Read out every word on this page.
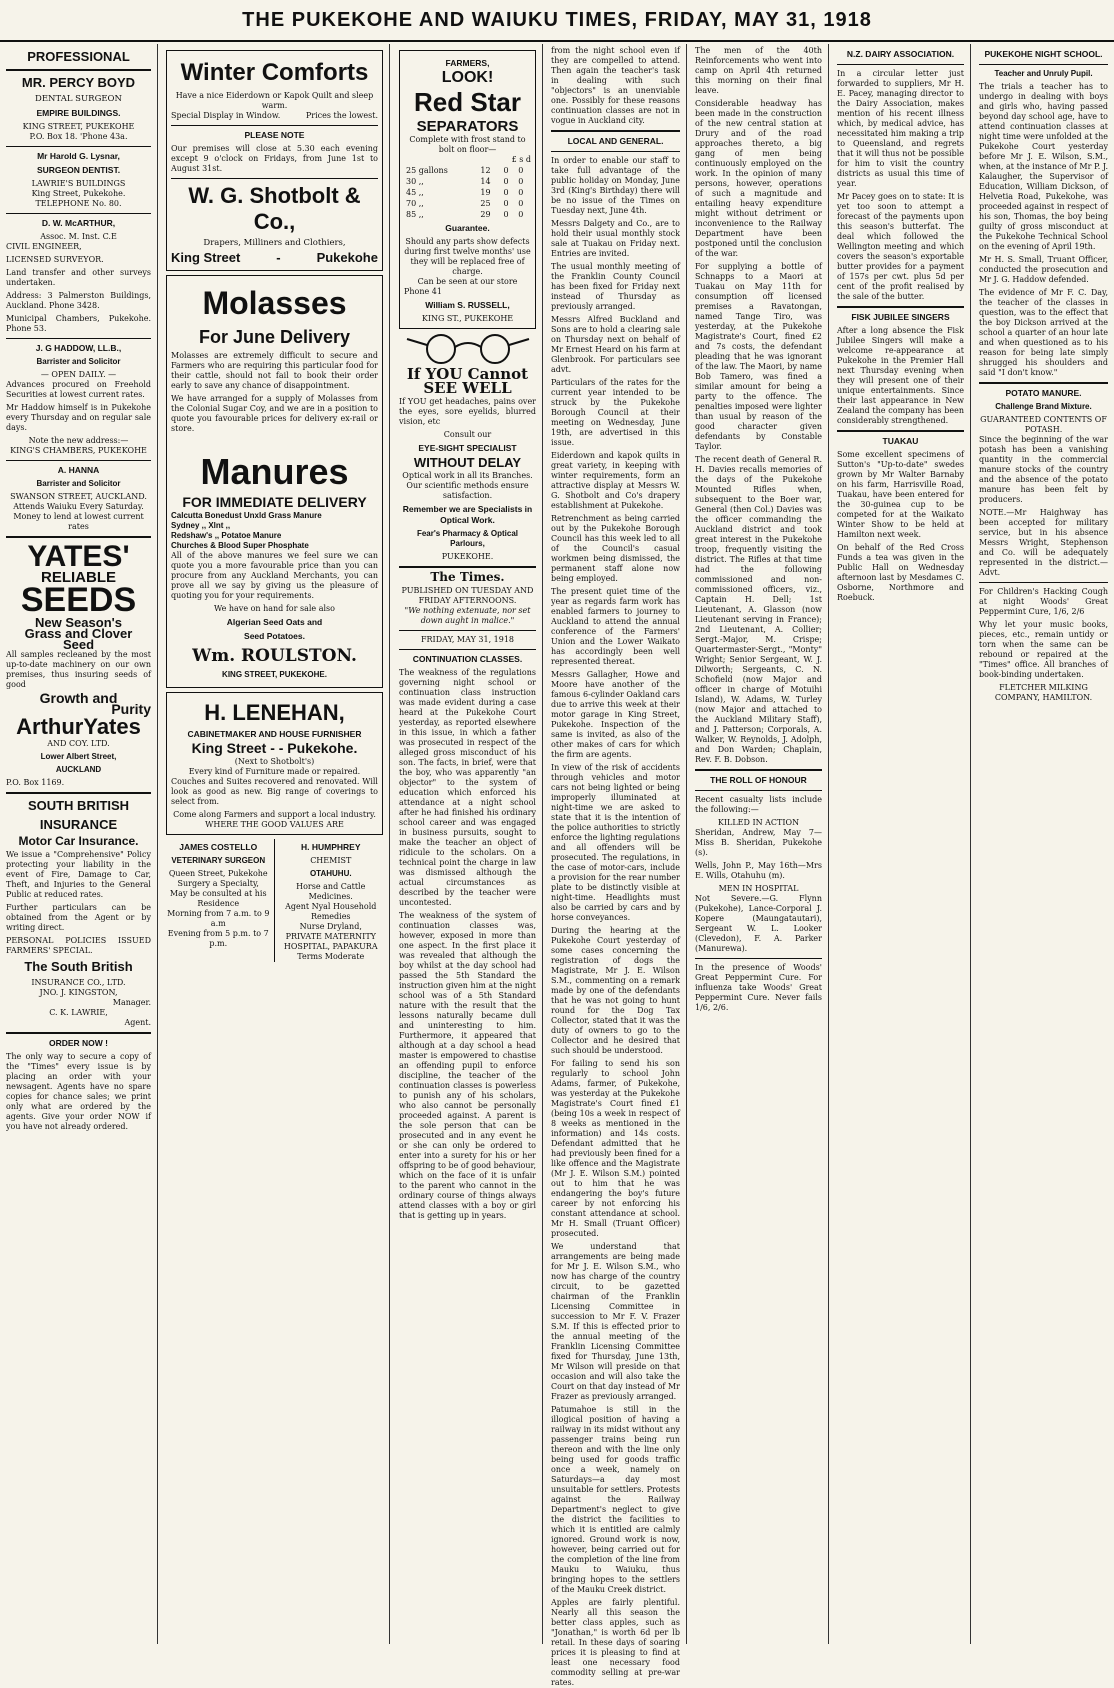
THE PUKEKOHE AND WAIUKU TIMES, FRIDAY, MAY 31, 1918
PROFESSIONAL
MR. PERCY BOYD
DENTAL SURGEON
EMPIRE BUILDINGS.
KING STREET, PUKEKOHE
P.O. Box 18. 'Phone 43a.
Mr Harold G. Lysnar,
SURGEON DENTIST.
LAWRIE'S BUILDINGS
King Street, Pukekohe.
TELEPHONE No. 80.
D. W. McARTHUR,
Assoc. M. Inst. C.E

CIVIL ENGINEER,

LICENSED SURVEYOR.

Land transfer and other surveys undertaken.

Address: 3 Palmerston Buildings, Auckland. Phone 3428.

Municipal Chambers, Pukekohe. Phone 53.

J. G HADDOW, LL.B.,
Barrister and Solicitor
— OPEN DAILY. —

Advances procured on Freehold Securities at lowest current rates.

Mr Haddow himself is in Pukekohe every Thursday and on regular sale days.

Note the new address:—
KING'S CHAMBERS, PUKEKOHE
A. HANNA
Barrister and Solicitor
SWANSON STREET, AUCKLAND.
Attends Waiuku Every Saturday.
Money to lend at lowest current rates
YATES'
RELIABLE
SEEDS
New Season's
Grass and Clover
Seed

All samples recleaned by the most up-to-date machinery on our own premises, thus insuring seeds of good

Growth and
Purity
ArthurYates
AND COY. LTD.
Lower Albert Street,
AUCKLAND
P.O. Box 1169.
SOUTH BRITISH
INSURANCE
Motor Car Insurance.

We issue a "Comprehensive" Policy protecting your liability in the event of Fire, Damage to Car, Theft, and Injuries to the General Public at reduced rates.

Further particulars can be obtained from the Agent or by writing direct.

PERSONAL POLICIES ISSUED FARMERS' SPECIAL.

The South British
INSURANCE CO., LTD.
JNO. J. KINGSTON,
Manager.
C. K. LAWRIE,
Agent.
ORDER NOW !

The only way to secure a copy of the "Times" every issue is by placing an order with your newsagent. Agents have no spare copies for chance sales; we print only what are ordered by the agents. Give your order NOW if you have not already ordered.

Winter Comforts
Have a nice Eiderdown or Kapok Quilt and sleep warm.
Special Display in Window.	Prices the lowest.
PLEASE NOTE

Our premises will close at 5.30 each evening except 9 o'clock on Fridays, from June 1st to August 31st.

W. G. Shotbolt & Co.,
Drapers, Milliners and Clothiers,
King Street	-	Pukekohe
Molasses
For June Delivery

Molasses are extremely difficult to secure and Farmers who are requiring this particular food for their cattle, should not fail to book their order early to save any chance of disappointment.

We have arranged for a supply of Molasses from the Colonial Sugar Coy, and we are in a position to quote you favourable prices for delivery ex-rail or store.

Manures
FOR IMMEDIATE DELIVERY
Calcutta Bonedust Unxld Grass Manure
Sydney ,, Xlnt ,,
Redshaw's ,, Potatoe Manure
Churches & Blood Super Phosphate

All of the above manures we feel sure we can quote you a more favourable price than you can procure from any Auckland Merchants, you can prove all we say by giving us the pleasure of quoting you for your requirements.

We have on hand for sale also
Algerian Seed Oats and
Seed Potatoes.
Wm. ROULSTON.
KING STREET, PUKEKOHE.
H. LENEHAN,
CABINETMAKER AND HOUSE FURNISHER
King Street - - Pukekohe.
(Next to Shotbolt's)
Every kind of Furniture made or repaired.

Couches and Suites recovered and renovated. Will look as good as new. Big range of coverings to select from.

Come along Farmers and support a local industry.
WHERE THE GOOD VALUES ARE
JAMES COSTELLO
VETERINARY SURGEON
Queen Street, Pukekohe
Surgery a Specialty,
May be consulted at his Residence
Morning from 7 a.m. to 9 a.m
Evening from 5 p.m. to 7 p.m.
H. HUMPHREY
CHEMIST
OTAHUHU.
Horse and Cattle Medicines.
Agent Nyal Household Remedies
Nurse Dryland,
PRIVATE MATERNITY HOSPITAL, PAPAKURA
Terms Moderate
FARMERS,
LOOK!
Red Star
SEPARATORS
Complete with frost stand to bolt on floor—
£ s d
25 gallons	12	0	0
30 ,,	14	0	0
45 ,,	19	0	0
70 ,,	25	0	0
85 ,,	29	0	0
Guarantee.
Should any parts show defects during first twelve months' use they will be replaced free of charge.
Can be seen at our store
Phone 41
William S. RUSSELL,
KING ST., PUKEKOHE
If YOU Cannot
SEE WELL

If YOU get headaches, pains over the eyes, sore eyelids, blurred vision, etc

Consult our
EYE-SIGHT SPECIALIST
WITHOUT DELAY
Optical work in all its Branches.
Our scientific methods ensure satisfaction.
Remember we are Specialists in Optical Work.
Fear's Pharmacy & Optical Parlours,
PUKEKOHE.
The Times.
PUBLISHED ON TUESDAY AND FRIDAY AFTERNOONS.
"We nothing extenuate, nor set down aught in malice."
FRIDAY, MAY 31, 1918
CONTINUATION CLASSES.

The weakness of the regulations governing night school or continuation class instruction was made evident during a case heard at the Pukekohe Court yesterday, as reported elsewhere in this issue, in which a father was prosecuted in respect of the alleged gross misconduct of his son. The facts, in brief, were that the boy, who was apparently "an objector" to the system of education which enforced his attendance at a night school after he had finished his ordinary school career and was engaged in business pursuits, sought to make the teacher an object of ridicule to the scholars. On a technical point the charge in law was dismissed although the actual circumstances as described by the teacher were uncontested.

The weakness of the system of continuation classes was, however, exposed in more than one aspect. In the first place it was revealed that although the boy whilst at the day school had passed the 5th Standard the instruction given him at the night school was of a 5th Standard nature with the result that the lessons naturally became dull and uninteresting to him. Furthermore, it appeared that although at a day school a head master is empowered to chastise an offending pupil to enforce discipline, the teacher of the continuation classes is powerless to punish any of his scholars, who also cannot be personally proceeded against. A parent is the sole person that can be prosecuted and in any event he or she can only be ordered to enter into a surety for his or her offspring to be of good behaviour, which on the face of it is unfair to the parent who cannot in the ordinary course of things always attend classes with a boy or girl that is getting up in years.

from the night school even if they are compelled to attend. Then again the teacher's task in dealing with such "objectors" is an unenviable one. Possibly for these reasons continuation classes are not in vogue in Auckland city.

LOCAL AND GENERAL.

In order to enable our staff to take full advantage of the public holiday on Monday, June 3rd (King's Birthday) there will be no issue of the Times on Tuesday next, June 4th.

Messrs Dalgety and Co., are to hold their usual monthly stock sale at Tuakau on Friday next. Entries are invited.

The usual monthly meeting of the Franklin County Council has been fixed for Friday next instead of Thursday as previously arranged.

Messrs Alfred Buckland and Sons are to hold a clearing sale on Thursday next on behalf of Mr Ernest Heard on his farm at Glenbrook. For particulars see advt.

Particulars of the rates for the current year intended to be struck by the Pukekohe Borough Council at their meeting on Wednesday, June 19th, are advertised in this issue.

Eiderdown and kapok quilts in great variety, in keeping with winter requirements, form an attractive display at Messrs W. G. Shotbolt and Co's drapery establishment at Pukekohe.

Retrenchment as being carried out by the Pukekohe Borough Council has this week led to all of the Council's casual workmen being dismissed, the permanent staff alone now being employed.

The present quiet time of the year as regards farm work has enabled farmers to journey to Auckland to attend the annual conference of the Farmers' Union and the Lower Waikato has accordingly been well represented thereat.

Messrs Gallagher, Howe and Moore have another of the famous 6-cylinder Oakland cars due to arrive this week at their motor garage in King Street, Pukekohe. Inspection of the same is invited, as also of the other makes of cars for which the firm are agents.

In view of the risk of accidents through vehicles and motor cars not being lighted or being improperly illuminated at night-time we are asked to state that it is the intention of the police authorities to strictly enforce the lighting regulations and all offenders will be prosecuted. The regulations, in the case of motor-cars, include a provision for the rear number plate to be distinctly visible at night-time. Headlights must also be carried by cars and by horse conveyances.

During the hearing at the Pukekohe Court yesterday of some cases concerning the registration of dogs the Magistrate, Mr J. E. Wilson S.M., commenting on a remark made by one of the defendants that he was not going to hunt round for the Dog Tax Collector, stated that it was the duty of owners to go to the Collector and he desired that such should be understood.

For failing to send his son regularly to school John Adams, farmer, of Pukekohe, was yesterday at the Pukekohe Magistrate's Court fined £1 (being 10s a week in respect of 8 weeks as mentioned in the information) and 14s costs. Defendant admitted that he had previously been fined for a like offence and the Magistrate (Mr J. E. Wilson S.M.) pointed out to him that he was endangering the boy's future career by not enforcing his constant attendance at school. Mr H. Small (Truant Officer) prosecuted.

We understand that arrangements are being made for Mr J. E. Wilson S.M., who now has charge of the country circuit, to be gazetted chairman of the Franklin Licensing Committee in succession to Mr F. V. Frazer S.M. If this is effected prior to the annual meeting of the Franklin Licensing Committee fixed for Thursday, June 13th, Mr Wilson will preside on that occasion and will also take the Court on that day instead of Mr Frazer as previously arranged.

Patumahoe is still in the illogical position of having a railway in its midst without any passenger trains being run thereon and with the line only being used for goods traffic once a week, namely on Saturdays—a day most unsuitable for settlers. Protests against the Railway Department's neglect to give the district the facilities to which it is entitled are calmly ignored. Ground work is now, however, being carried out for the completion of the line from Mauku to Waiuku, thus bringing hopes to the settlers of the Mauku Creek district.

Apples are fairly plentiful. Nearly all this season the better class apples, such as "Jonathan," is worth 6d per lb retail. In these days of soaring prices it is pleasing to find at least one necessary food commodity selling at pre-war rates.

The men of the 40th Reinforcements who went into camp on April 4th returned this morning on their final leave.

Considerable headway has been made in the construction of the new central station at Drury and of the road approaches thereto, a big gang of men being continuously employed on the work. In the opinion of many persons, however, operations of such a magnitude and entailing heavy expenditure might without detriment or inconvenience to the Railway Department have been postponed until the conclusion of the war.

For supplying a bottle of Schnapps to a Maori at Tuakau on May 11th for consumption off licensed premises a Ravatongan, named Tange Tiro, was yesterday, at the Pukekohe Magistrate's Court, fined £2 and 7s costs, the defendant pleading that he was ignorant of the law. The Maori, by name Bob Tamero, was fined a similar amount for being a party to the offence. The penalties imposed were lighter than usual by reason of the good character given defendants by Constable Taylor.

The recent death of General R. H. Davies recalls memories of the days of the Pukekohe Mounted Rifles when, subsequent to the Boer war, General (then Col.) Davies was the officer commanding the Auckland district and took great interest in the Pukekohe troop, frequently visiting the district. The Rifles at that time had the following commissioned and non-commissioned officers, viz., Captain H. Dell; 1st Lieutenant, A. Glasson (now Lieutenant serving in France); 2nd Lieutenant, A. Collier; Sergt.-Major, M. Crispe; Quartermaster-Sergt., "Monty" Wright; Senior Sergeant, W. J. Dilworth; Sergeants, C. N. Schofield (now Major and officer in charge of Motuihi Island), W. Adams, W. Turley (now Major and attached to the Auckland Military Staff), and J. Patterson; Corporals, A. Walker, W. Reynolds, J. Adolph, and Don Warden; Chaplain, Rev. F. B. Dobson.

THE ROLL OF HONOUR

Recent casualty lists include the following:—

KILLED IN ACTION

Sheridan, Andrew, May 7—Miss B. Sheridan, Pukekohe (s).

Wells, John P., May 16th—Mrs E. Wills, Otahuhu (m).

MEN IN HOSPITAL

Not Severe.—G. Flynn (Pukekohe), Lance-Corporal J. Kopere (Maungatautari), Sergeant W. L. Looker (Clevedon), F. A. Parker (Manurewa).

In the presence of Woods' Great Peppermint Cure. For influenza take Woods' Great Peppermint Cure. Never fails 1/6, 2/6.

N.Z. DAIRY ASSOCIATION.

In a circular letter just forwarded to suppliers, Mr H. E. Pacey, managing director to the Dairy Association, makes mention of his recent illness which, by medical advice, has necessitated him making a trip to Queensland, and regrets that it will thus not be possible for him to visit the country districts as usual this time of year.

Mr Pacey goes on to state: It is yet too soon to attempt a forecast of the payments upon this season's butterfat. The deal which followed the Wellington meeting and which covers the season's exportable butter provides for a payment of 157s per cwt. plus 5d per cent of the profit realised by the sale of the butter.

FISK JUBILEE SINGERS

After a long absence the Fisk Jubilee Singers will make a welcome re-appearance at Pukekohe in the Premier Hall next Thursday evening when they will present one of their unique entertainments. Since their last appearance in New Zealand the company has been considerably strengthened.

TUAKAU

Some excellent specimens of Sutton's "Up-to-date" swedes grown by Mr Walter Barnaby on his farm, Harrisville Road, Tuakau, have been entered for the 30-guinea cup to be competed for at the Waikato Winter Show to be held at Hamilton next week.

On behalf of the Red Cross Funds a tea was given in the Public Hall on Wednesday afternoon last by Mesdames C. Osborne, Northmore and Roebuck.

PUKEKOHE NIGHT SCHOOL.
Teacher and Unruly Pupil.

The trials a teacher has to undergo in dealing with boys and girls who, having passed beyond day school age, have to attend continuation classes at night time were unfolded at the Pukekohe Court yesterday before Mr J. E. Wilson, S.M., when, at the instance of Mr P. J. Kalaugher, the Supervisor of Education, William Dickson, of Helvetia Road, Pukekohe, was proceeded against in respect of his son, Thomas, the boy being guilty of gross misconduct at the Pukekohe Technical School on the evening of April 19th.

Mr H. S. Small, Truant Officer, conducted the prosecution and Mr J. G. Haddow defended.

The evidence of Mr F. C. Day, the teacher of the classes in question, was to the effect that the boy Dickson arrived at the school a quarter of an hour late and when questioned as to his reason for being late simply shrugged his shoulders and said "I don't know."

POTATO MANURE.
Challenge Brand Mixture.
GUARANTEED CONTENTS OF POTASH.

Since the beginning of the war potash has been a vanishing quantity in the commercial manure stocks of the country and the absence of the potato manure has been felt by producers.

NOTE.—Mr Haighway has been accepted for military service, but in his absence Messrs Wright, Stephenson and Co. will be adequately represented in the district.—Advt.

For Children's Hacking Cough at night Woods' Great Peppermint Cure, 1/6, 2/6

Why let your music books, pieces, etc., remain untidy or torn when the same can be rebound or repaired at the "Times" office. All branches of book-binding undertaken.

FLETCHER MILKING COMPANY, HAMILTON.
